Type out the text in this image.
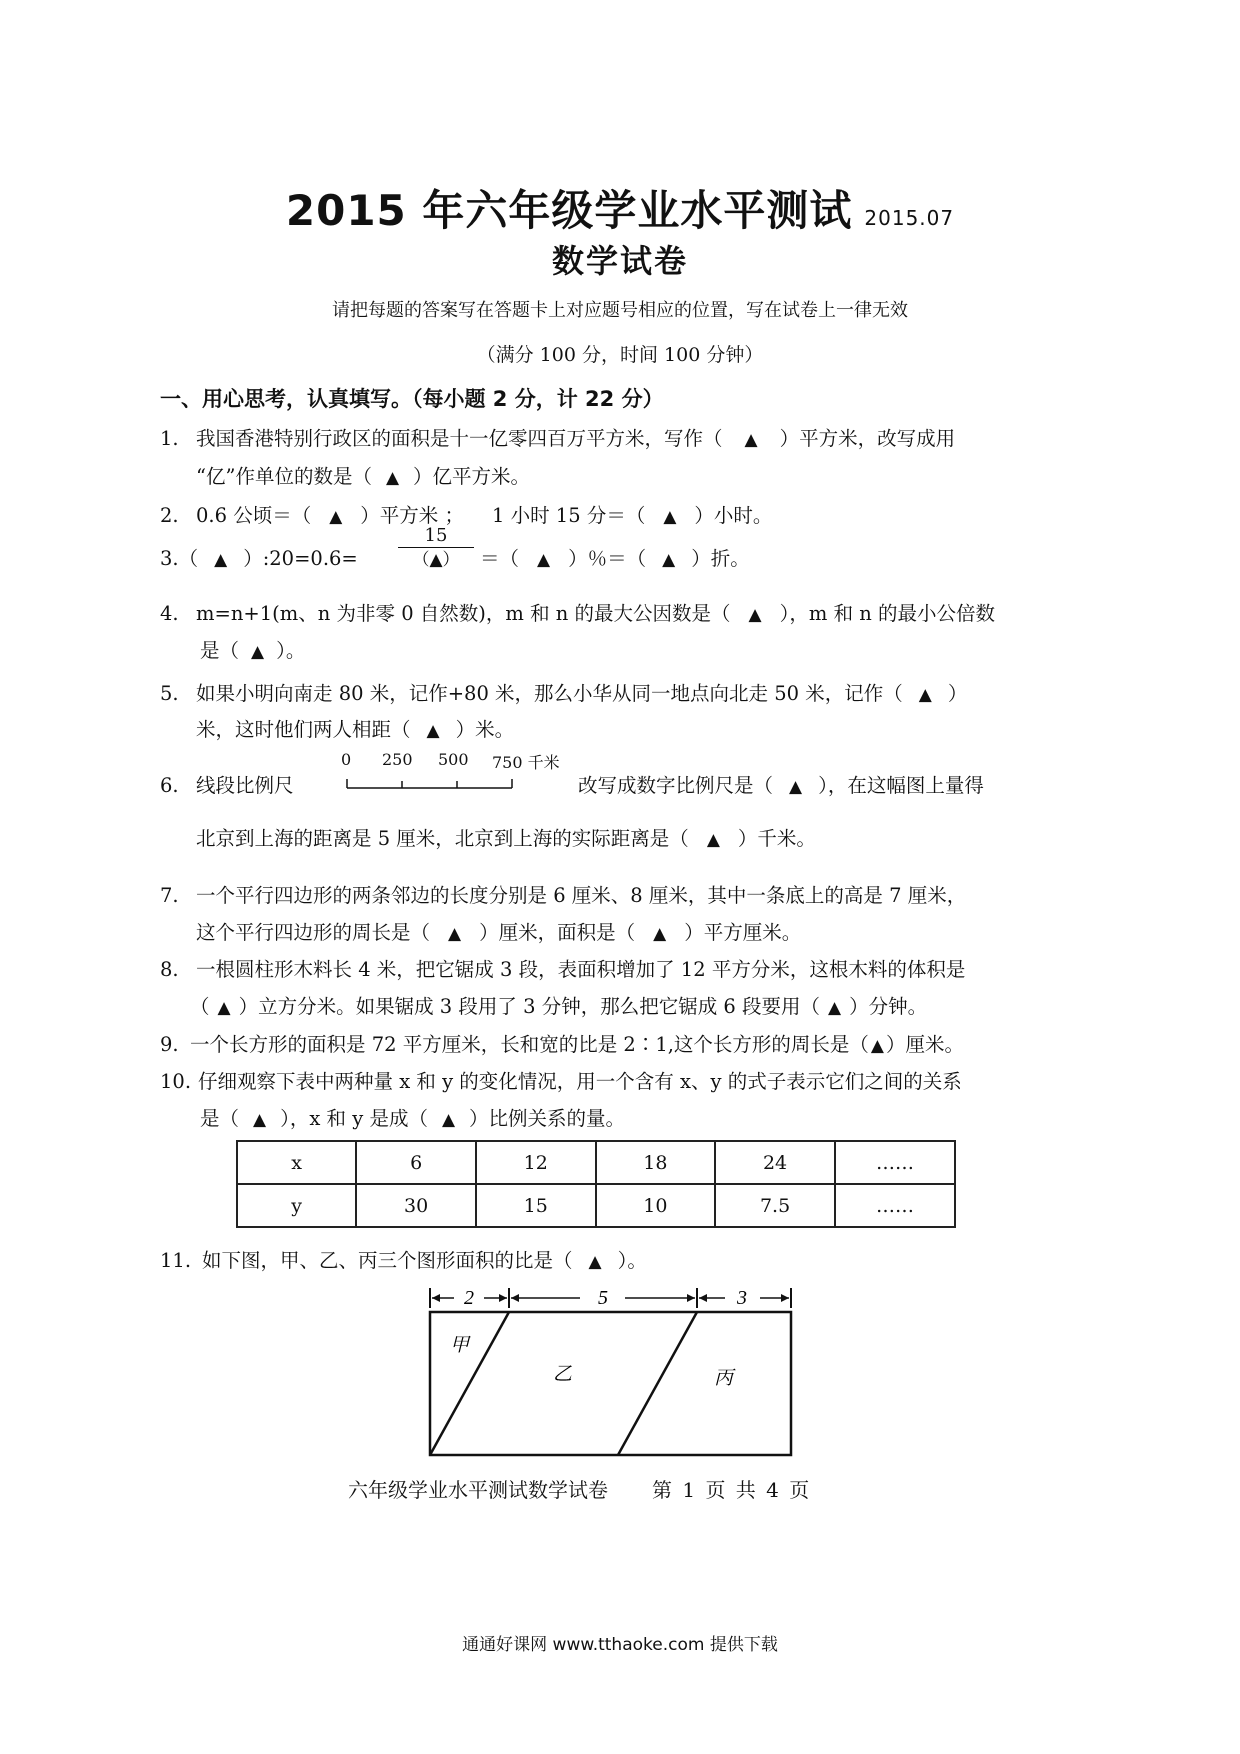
2015 年六年级学业水平测试 2015.07
数学试卷
请把每题的答案写在答题卡上对应题号相应的位置，写在试卷上一律无效
（满分 100 分，时间 100 分钟）
一、用心思考，认真填写。（每小题 2 分，计 22 分）
1. 我国香港特别行政区的面积是十一亿零四百万平方米，写作（ ▲ ）平方米，改写成用
“亿”作单位的数是（ ▲ ）亿平方米。
2. 0.6 公顷＝（ ▲ ）平方米 ； 1 小时 15 分＝（ ▲ ）小时。
3.（ ▲ ）:20=0.6=
15
（▲）	＝（ ▲ ）％＝（ ▲ ）折。
4. m=n+1(m、n 为非零 0 自然数)，m 和 n 的最大公因数是（ ▲ ），m 和 n 的最小公倍数
是（ ▲ ）。
5. 如果小明向南走 80 米，记作+80 米，那么小华从同一地点向北走 50 米，记作（ ▲ ）
米，这时他们两人相距（ ▲ ）米。
6. 线段比例尺
0 250 500 750 千米
改写成数字比例尺是（ ▲ ），在这幅图上量得
北京到上海的距离是 5 厘米，北京到上海的实际距离是（ ▲ ）千米。
7. 一个平行四边形的两条邻边的长度分别是 6 厘米、8 厘米，其中一条底上的高是 7 厘米，
这个平行四边形的周长是（ ▲ ）厘米，面积是（ ▲ ）平方厘米。
8. 一根圆柱形木料长 4 米，把它锯成 3 段，表面积增加了 12 平方分米，这根木料的体积是
（ ▲ ）立方分米。如果锯成 3 段用了 3 分钟，那么把它锯成 6 段要用（ ▲ ）分钟。
9. 一个长方形的面积是 72 平方厘米，长和宽的比是 2∶1,这个长方形的周长是（ ▲ ）厘米。
10. 仔细观察下表中两种量 x 和 y 的变化情况，用一个含有 x、y 的式子表示它们之间的关系
是（ ▲ ），x 和 y 是成（ ▲ ）比例关系的量。
x	6	12	18	24	……
y	30	15	10	7.5	……
11. 如下图，甲、乙、丙三个图形面积的比是（ ▲ ）。
2	5	3
甲
乙	丙
六年级学业水平测试数学试卷 第 1 页 共 4 页
通通好课网 www.tthaoke.com 提供下载
